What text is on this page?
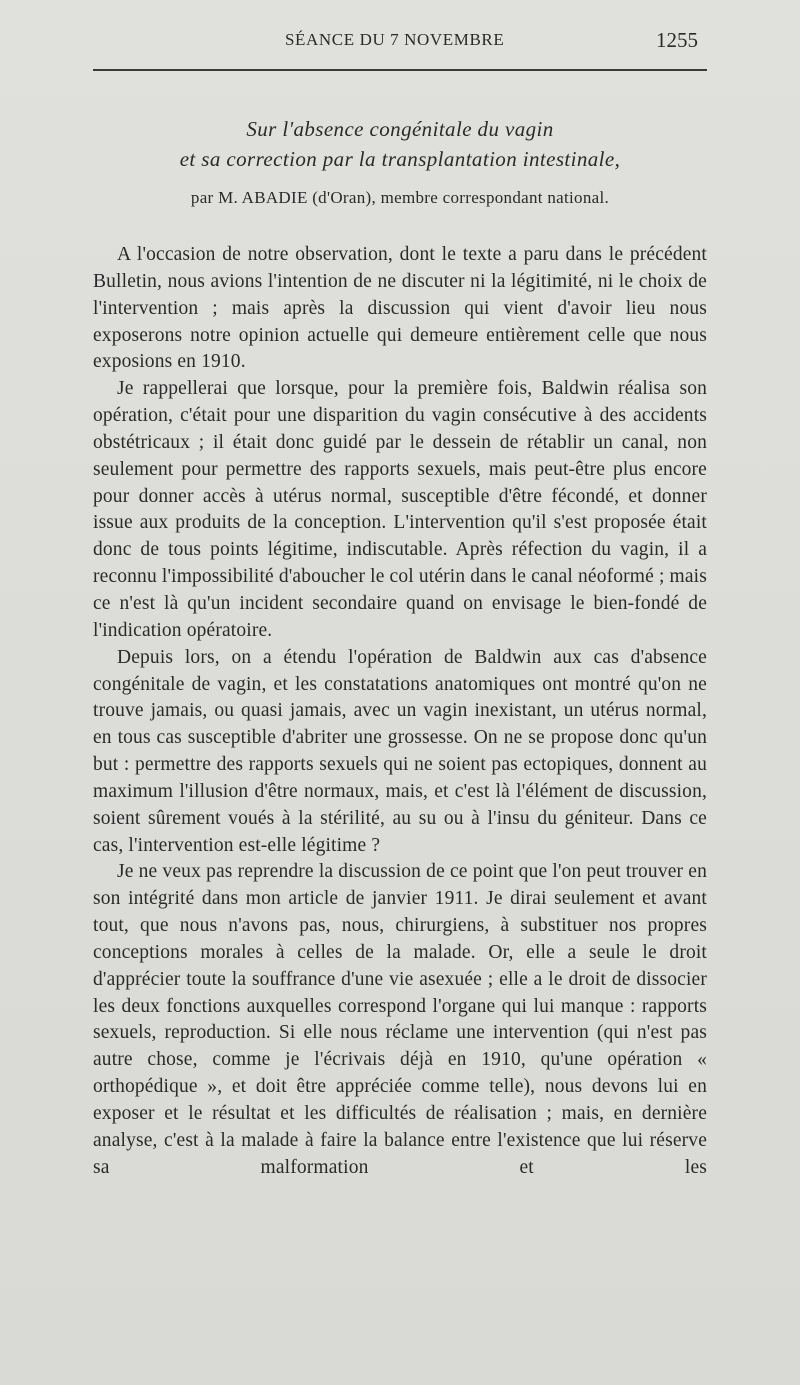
SÉANCE DU 7 NOVEMBRE	1255
Sur l'absence congénitale du vagin
et sa correction par la transplantation intestinale,
par M. ABADIE (d'Oran), membre correspondant national.

A l'occasion de notre observation, dont le texte a paru dans le précédent Bulletin, nous avions l'intention de ne discuter ni la légitimité, ni le choix de l'intervention ; mais après la discussion qui vient d'avoir lieu nous exposerons notre opinion actuelle qui demeure entièrement celle que nous exposions en 1910.

Je rappellerai que lorsque, pour la première fois, Baldwin réalisa son opération, c'était pour une disparition du vagin consécutive à des accidents obstétricaux ; il était donc guidé par le dessein de rétablir un canal, non seulement pour permettre des rapports sexuels, mais peut-être plus encore pour donner accès à utérus normal, susceptible d'être fécondé, et donner issue aux produits de la conception. L'intervention qu'il s'est proposée était donc de tous points légitime, indiscutable. Après réfection du vagin, il a reconnu l'impossibilité d'aboucher le col utérin dans le canal néoformé ; mais ce n'est là qu'un incident secondaire quand on envisage le bien-fondé de l'indication opératoire.

Depuis lors, on a étendu l'opération de Baldwin aux cas d'absence congénitale de vagin, et les constatations anatomiques ont montré qu'on ne trouve jamais, ou quasi jamais, avec un vagin inexistant, un utérus normal, en tous cas susceptible d'abriter une grossesse. On ne se propose donc qu'un but : permettre des rapports sexuels qui ne soient pas ectopiques, donnent au maximum l'illusion d'être normaux, mais, et c'est là l'élément de discussion, soient sûrement voués à la stérilité, au su ou à l'insu du géniteur. Dans ce cas, l'intervention est-elle légitime ?

Je ne veux pas reprendre la discussion de ce point que l'on peut trouver en son intégrité dans mon article de janvier 1911. Je dirai seulement et avant tout, que nous n'avons pas, nous, chirurgiens, à substituer nos propres conceptions morales à celles de la malade. Or, elle a seule le droit d'apprécier toute la souffrance d'une vie asexuée ; elle a le droit de dissocier les deux fonctions auxquelles correspond l'organe qui lui manque : rapports sexuels, reproduction. Si elle nous réclame une intervention (qui n'est pas autre chose, comme je l'écrivais déjà en 1910, qu'une opération « orthopédique », et doit être appréciée comme telle), nous devons lui en exposer et le résultat et les difficultés de réalisation ; mais, en dernière analyse, c'est à la malade à faire la balance entre l'existence que lui réserve sa malformation et les
